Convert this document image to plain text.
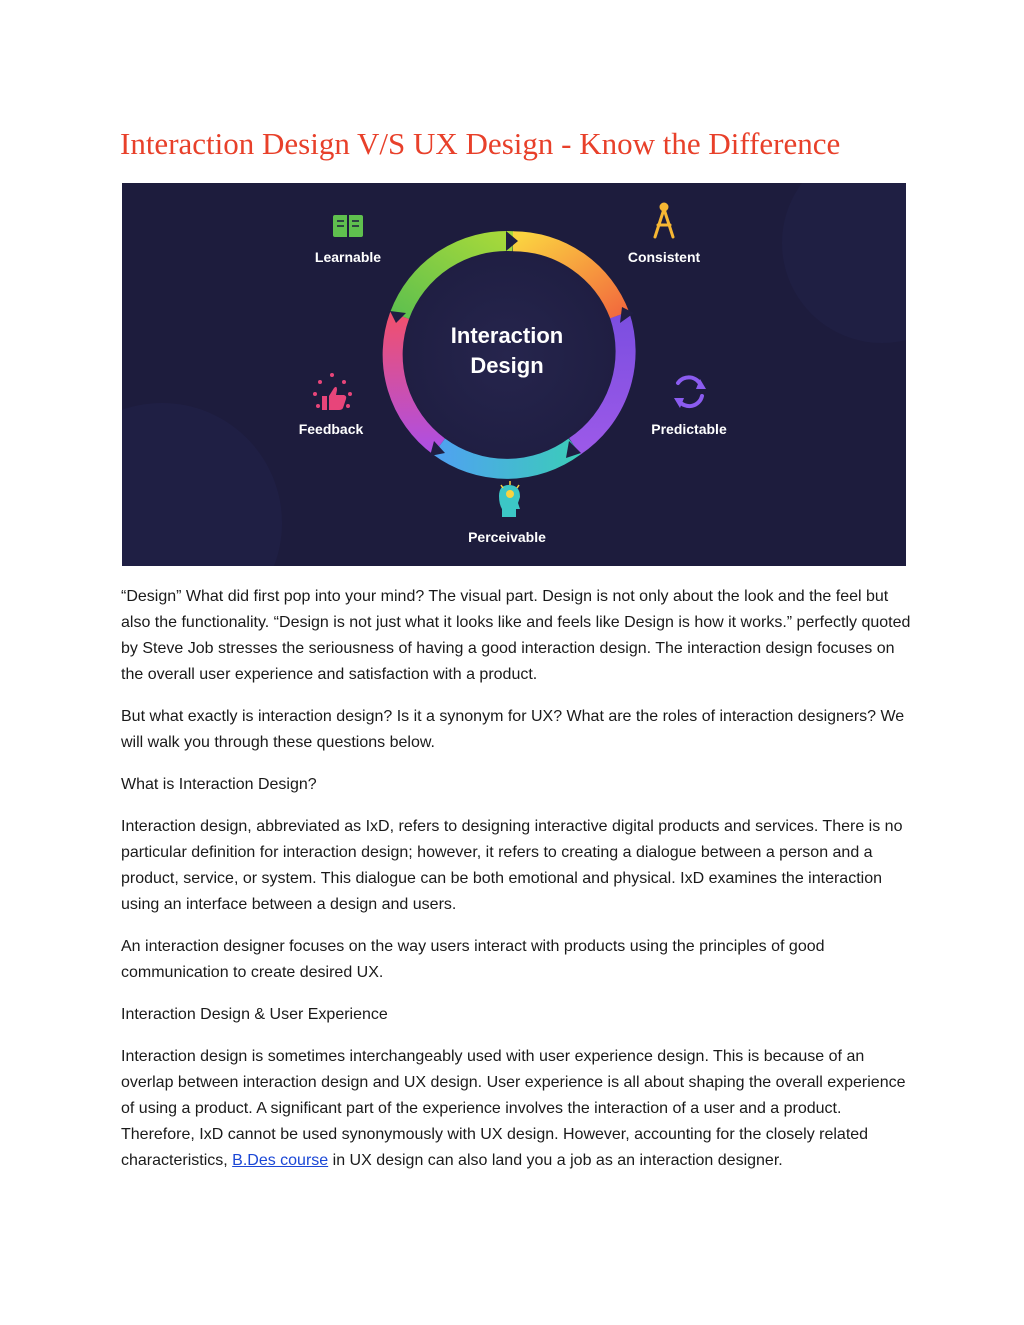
Interaction Design V/S UX Design - Know the Difference
Interaction
Design
Learnable	Consistent
Predictable
Perceivable
Feedback

“Design” What did first pop into your mind? The visual part. Design is not only about the look and the feel but also the functionality. “Design is not just what it looks like and feels like Design is how it works.” perfectly quoted by Steve Job stresses the seriousness of having a good interaction design. The interaction design focuses on the overall user experience and satisfaction with a product.

But what exactly is interaction design? Is it a synonym for UX? What are the roles of interaction designers? We will walk you through these questions below.

What is Interaction Design?

Interaction design, abbreviated as IxD, refers to designing interactive digital products and services. There is no particular definition for interaction design; however, it refers to creating a dialogue between a person and a product, service, or system. This dialogue can be both emotional and physical. IxD examines the interaction using an interface between a design and users.

An interaction designer focuses on the way users interact with products using the principles of good communication to create desired UX.

Interaction Design & User Experience

Interaction design is sometimes interchangeably used with user experience design. This is because of an overlap between interaction design and UX design. User experience is all about shaping the overall experience of using a product. A significant part of the experience involves the interaction of a user and a product. Therefore, IxD cannot be used synonymously with UX design. However, accounting for the closely related characteristics, B.Des course in UX design can also land you a job as an interaction designer.
